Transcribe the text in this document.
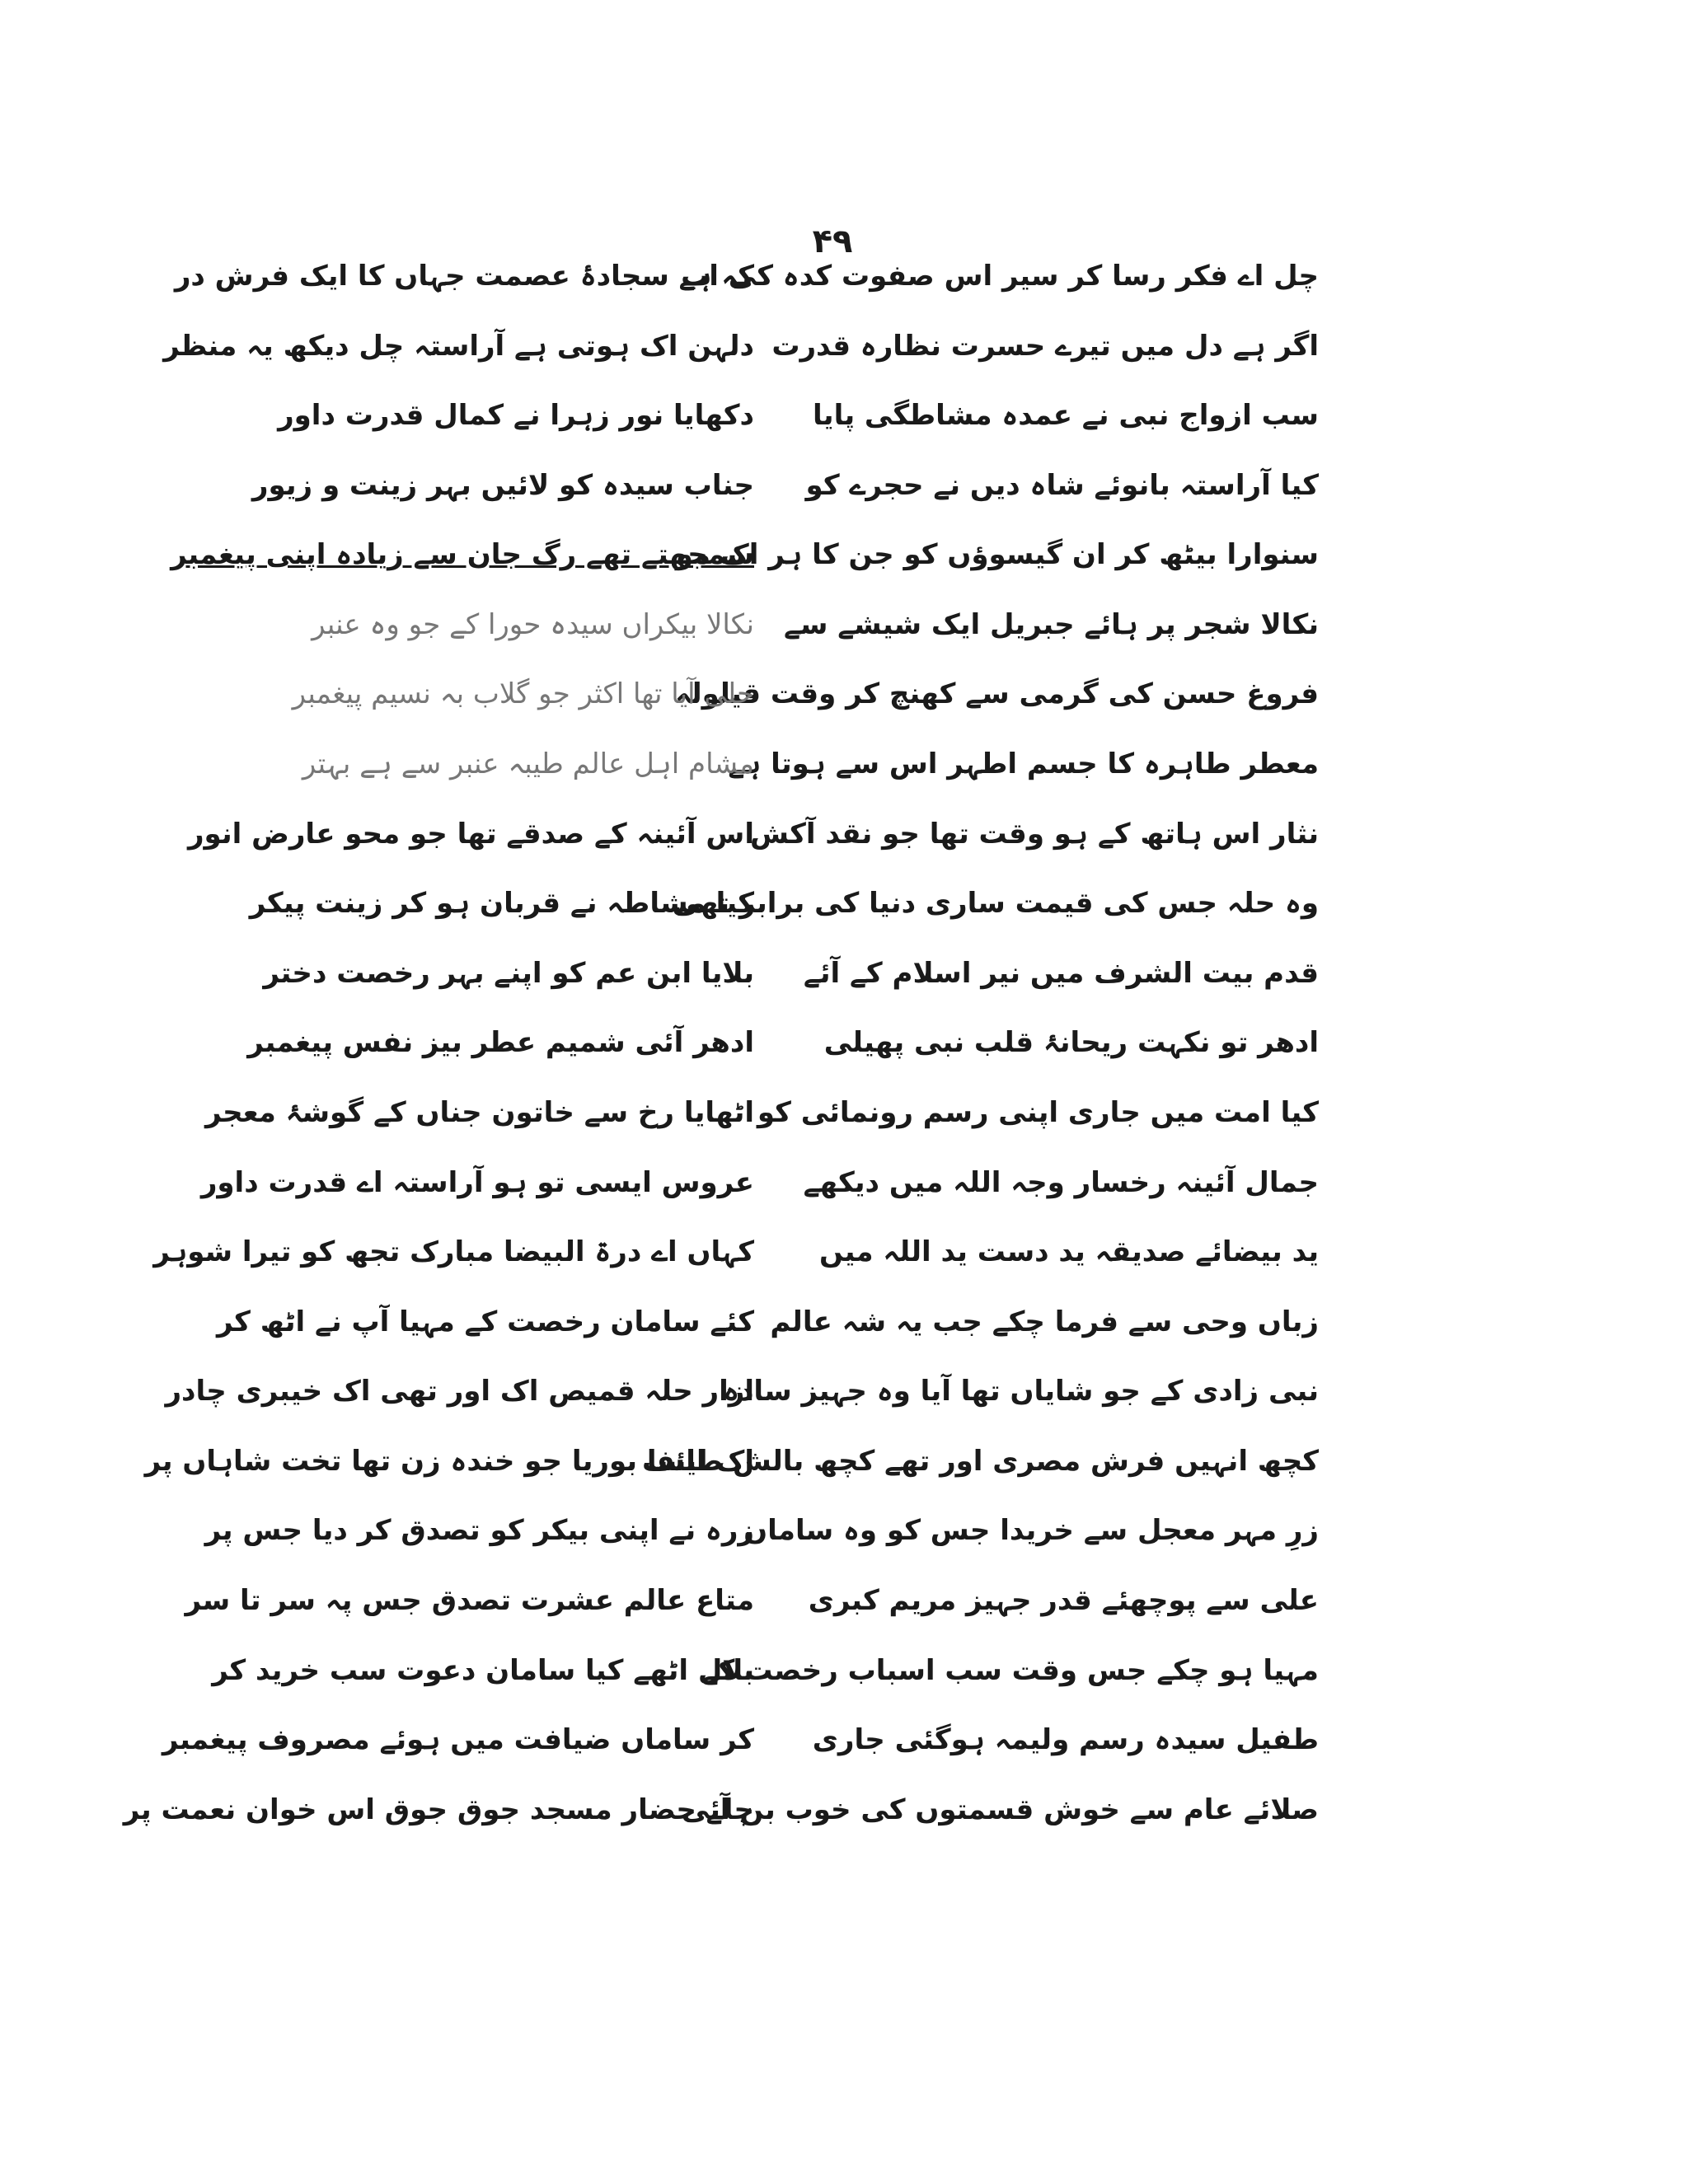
۴۹
چل اے فکر رسا کر سیر اس صفوت کدہ کی اب
اگر ہے دل میں تیرے حسرت نظارہ قدرت
سب ازواج نبی نے عمدہ مشاطگی پایا
کیا آراستہ بانوئے شاہ دیں نے حجرے کو
سنوارا بیٹھ کر ان گیسوؤں کو جن کا ہر اک مو
نکالا شجر پر ہائے جبریل ایک شیشے سے
فروغ حسن کی گرمی سے کھنچ کر وقت قیلولہ
معطر طاہرہ کا جسم اطہر اس سے ہوتا ہے
نثار اس ہاتھ کے ہو وقت تھا جو نقد آکش
وہ حلہ جس کی قیمت ساری دنیا کی برابر تھی
قدم بیت الشرف میں نیر اسلام کے آئے
ادھر تو نکہت ریحانۂ قلب نبی پھیلی
کیا امت میں جاری اپنی رسم رونمائی کو
جمال آئینہ رخسار وجہ اللہ میں دیکھے
ید بیضائے صدیقہ ید دست ید اللہ میں
زباں وحی سے فرما چکے جب یہ شہ عالم
نبی زادی کے جو شایاں تھا آیا وہ جہیز سادہ
کچھ انہیں فرش مصری اور تھے کچھ بالش طائف
زرِ مہر معجل سے خریدا جس کو وہ ساماں
علی سے پوچھئے قدر جہیز مریم کبری
مہیا ہو چکے جس وقت سب اسباب رخصت کے
طفیل سیدہ رسم ولیمہ ہوگئی جاری
صلائے عام سے خوش قسمتوں کی خوب بن آئی
کہ ہے سجادۂ عصمت جہاں کا ایک فرش در
دلہن اک ہوتی ہے آراستہ چل دیکھ یہ منظر
دکھایا نور زہرا نے کمال قدرت داور
جناب سیدہ کو لائیں بہر زینت و زیور
سمجھتے تھے رگ جان سے زیادہ اپنی پیغمبر
نکالا بیکراں سیدہ حورا کے جو وہ عنبر
حلی آیا تھا اکثر جو گلاب بہ نسیم پیغمبر
مشام اہل عالم طیبہ عنبر سے ہے بہتر
اس آئینہ کے صدقے تھا جو محو عارض انور
کیا مشاطہ نے قربان ہو کر زینت پیکر
بلایا ابن عم کو اپنے بہر رخصت دختر
ادھر آئی شمیم عطر بیز نفس پیغمبر
اٹھایا رخ سے خاتون جناں کے گوشۂ معجر
عروس ایسی تو ہو آراستہ اے قدرت داور
کہاں اے درۃ البیضا مبارک تجھ کو تیرا شوہر
کئے سامان رخصت کے مہیا آپ نے اٹھ کر
ازار حلہ قمیص اک اور تھی اک خیبری چادر
اک ایسا بوریا جو خندہ زن تھا تخت شاہاں پر
زرہ نے اپنی بیکر کو تصدق کر دیا جس پر
متاع عالم عشرت تصدق جس پہ سر تا سر
بلال اٹھے کیا سامان دعوت سب خرید کر
کر ساماں ضیافت میں ہوئے مصروف پیغمبر
چلے حضار مسجد جوق جوق اس خوان نعمت پر
